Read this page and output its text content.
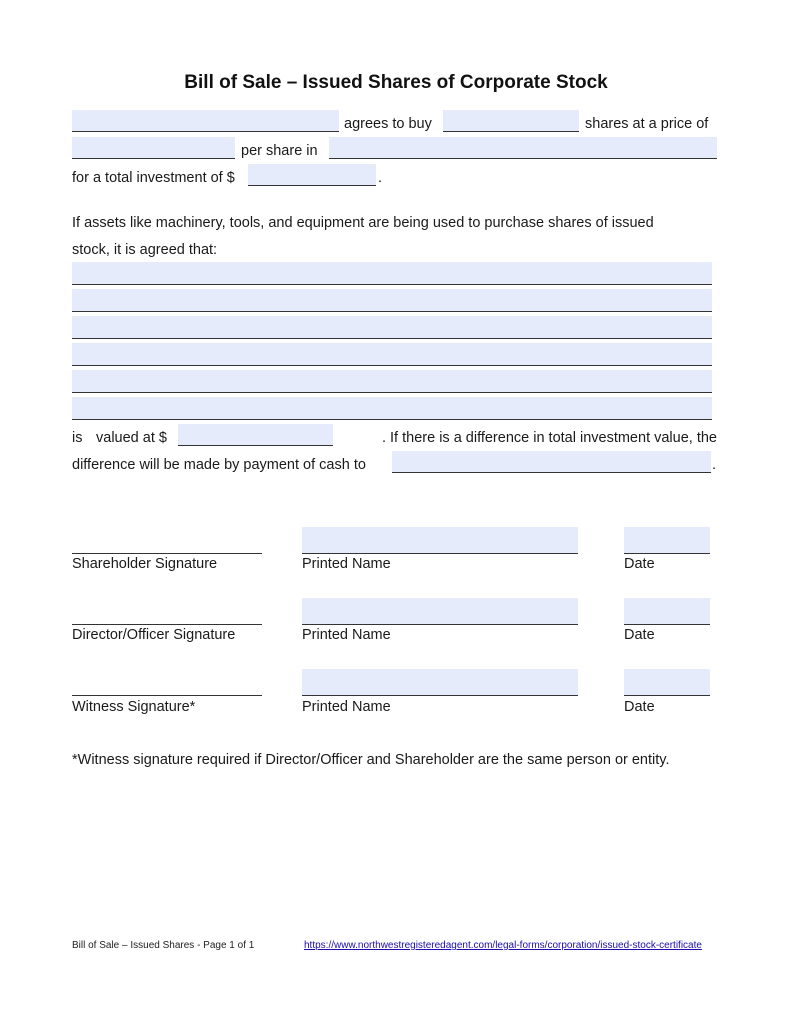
Bill of Sale – Issued Shares of Corporate Stock
agrees to buy	shares at a price of
per share in
for a total investment of $	.
If assets like machinery, tools, and equipment are being used to purchase shares of issued
stock, it is agreed that:
is valued at $	. If there is a difference in total investment value, the
difference will be made by payment of cash to	.
Shareholder Signature	Printed Name	Date
Director/Officer Signature	Printed Name	Date
Witness Signature*	Printed Name	Date
*Witness signature required if Director/Officer and Shareholder are the same person or entity.
Bill of Sale – Issued Shares - Page 1 of 1	https://www.northwestregisteredagent.com/legal-forms/corporation/issued-stock-certificate
